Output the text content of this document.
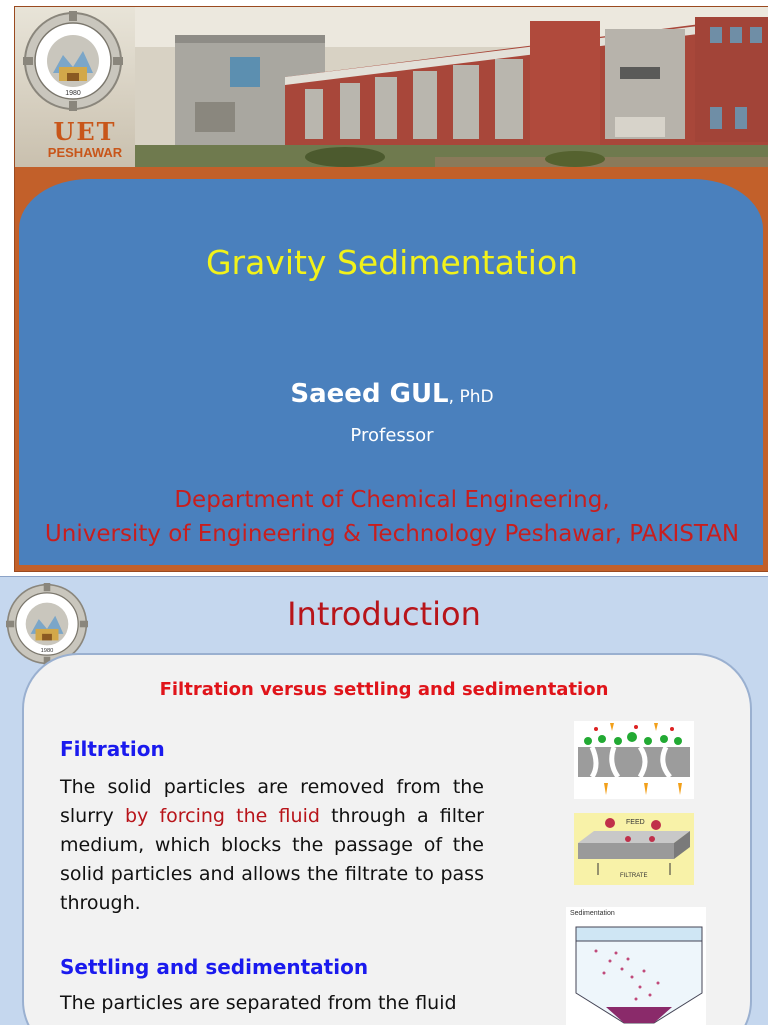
1980
UET
PESHAWAR
Gravity Sedimentation
Saeed GUL, PhD
Professor
Department of Chemical Engineering,
University of Engineering & Technology Peshawar, PAKISTAN
1980
Introduction
Filtration versus settling and sedimentation
Filtration
The solid particles are removed from the slurry by forcing the fluid through a filter medium, which blocks the passage of the solid particles and allows the filtrate to pass through.
Settling and sedimentation
The particles are separated from the fluid
FEED
FILTRATE
Sedimentation
